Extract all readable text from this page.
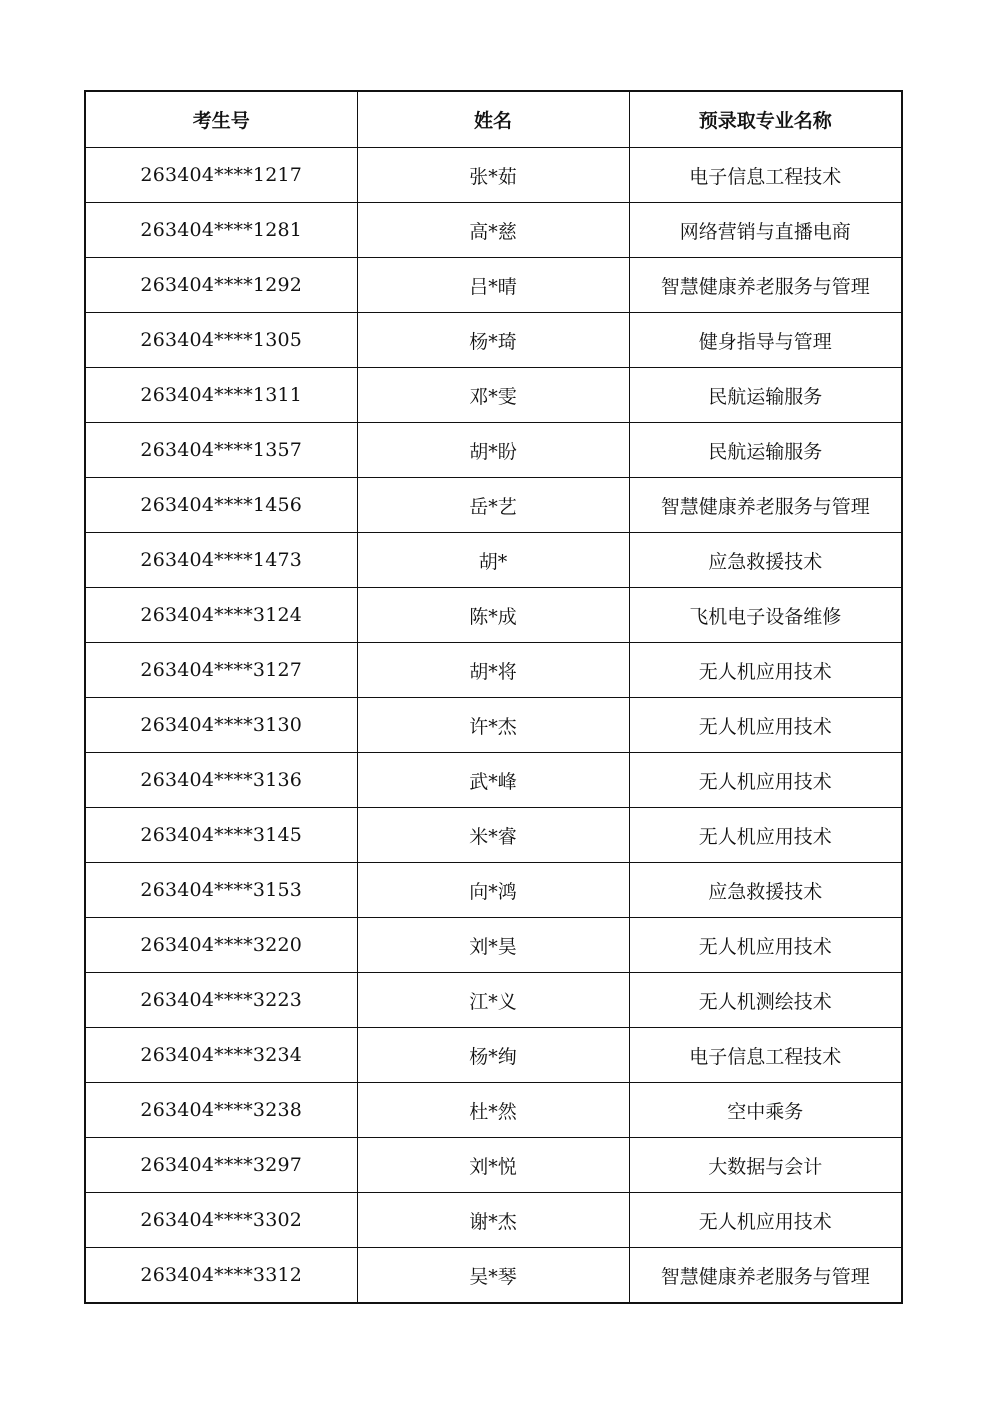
考生号	姓名	预录取专业名称
263404****1217	张*茹	电子信息工程技术
263404****1281	高*慈	网络营销与直播电商
263404****1292	吕*晴	智慧健康养老服务与管理
263404****1305	杨*琦	健身指导与管理
263404****1311	邓*雯	民航运输服务
263404****1357	胡*盼	民航运输服务
263404****1456	岳*艺	智慧健康养老服务与管理
263404****1473	胡*	应急救援技术
263404****3124	陈*成	飞机电子设备维修
263404****3127	胡*将	无人机应用技术
263404****3130	许*杰	无人机应用技术
263404****3136	武*峰	无人机应用技术
263404****3145	米*睿	无人机应用技术
263404****3153	向*鸿	应急救援技术
263404****3220	刘*昊	无人机应用技术
263404****3223	江*义	无人机测绘技术
263404****3234	杨*绚	电子信息工程技术
263404****3238	杜*然	空中乘务
263404****3297	刘*悦	大数据与会计
263404****3302	谢*杰	无人机应用技术
263404****3312	吴*琴	智慧健康养老服务与管理
